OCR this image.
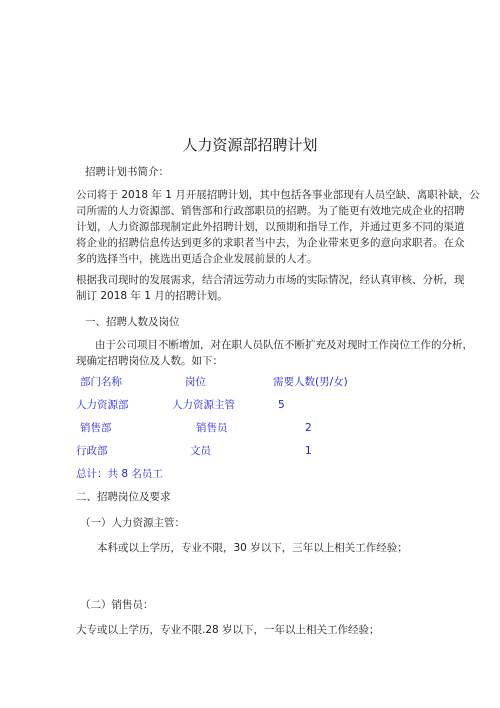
人力资源部招聘计划
招聘计划书简介：
公司将于 2018 年 1 月开展招聘计划，其中包括各事业部现有人员空缺、离职补缺，公
司所需的人力资源部、销售部和行政部职员的招聘。为了能更有效地完成企业的招聘
计划，人力资源部现制定此外招聘计划，以预期和指导工作，并通过更多不同的渠道
将企业的招聘信息传达到更多的求职者当中去，为企业带来更多的意向求职者。在众
多的选择当中，挑选出更适合企业发展前景的人才。
根据我司现时的发展需求，结合清远劳动力市场的实际情况，经认真审核、分析，现
制订 2018 年 1 月的招聘计划。
一、招聘人数及岗位
由于公司项目不断增加，对在职人员队伍不断扩充及对现时工作岗位工作的分析，
现确定招聘岗位及人数。如下：
部门名称	岗位	需要人数(男/女)
人力资源部	人力资源主管	5
销售部	销售员	2
行政部	文员	1
总计：共 8 名员工
二、招聘岗位及要求
（一）人力资源主管：
本科或以上学历，专业不限，30 岁以下，三年以上相关工作经验；
（二）销售员：
大专或以上学历，专业不限.28 岁以下，一年以上相关工作经验；
